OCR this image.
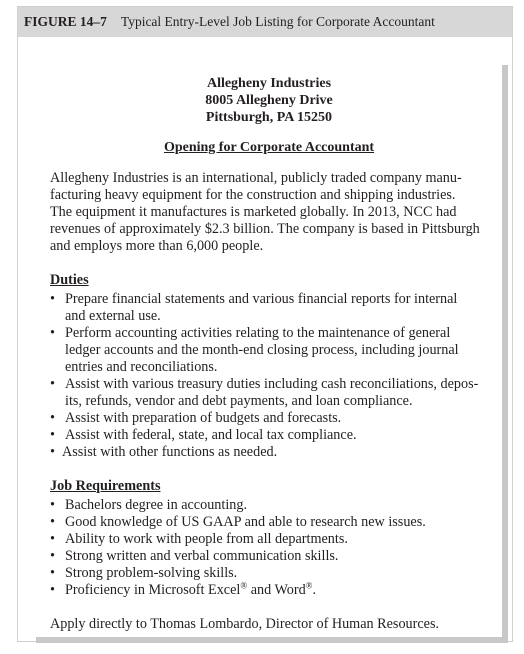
FIGURE 14–7 Typical Entry-Level Job Listing for Corporate Accountant
Allegheny Industries
8005 Allegheny Drive
Pittsburgh, PA 15250
Opening for Corporate Accountant
Allegheny Industries is an international, publicly traded company manu-
facturing heavy equipment for the construction and shipping industries.
The equipment it manufactures is marketed globally. In 2013, NCC had
revenues of approximately $2.3 billion. The company is based in Pittsburgh
and employs more than 6,000 people.
Duties
• Prepare financial statements and various financial reports for internal
and external use.
• Perform accounting activities relating to the maintenance of general
ledger accounts and the month-end closing process, including journal
entries and reconciliations.
• Assist with various treasury duties including cash reconciliations, depos-
its, refunds, vendor and debt payments, and loan compliance.
• Assist with preparation of budgets and forecasts.
• Assist with federal, state, and local tax compliance.
• Assist with other functions as needed.
Job Requirements
• Bachelors degree in accounting.
• Good knowledge of US GAAP and able to research new issues.
• Ability to work with people from all departments.
• Strong written and verbal communication skills.
• Strong problem-solving skills.
• Proficiency in Microsoft Excel® and Word®.
Apply directly to Thomas Lombardo, Director of Human Resources.
